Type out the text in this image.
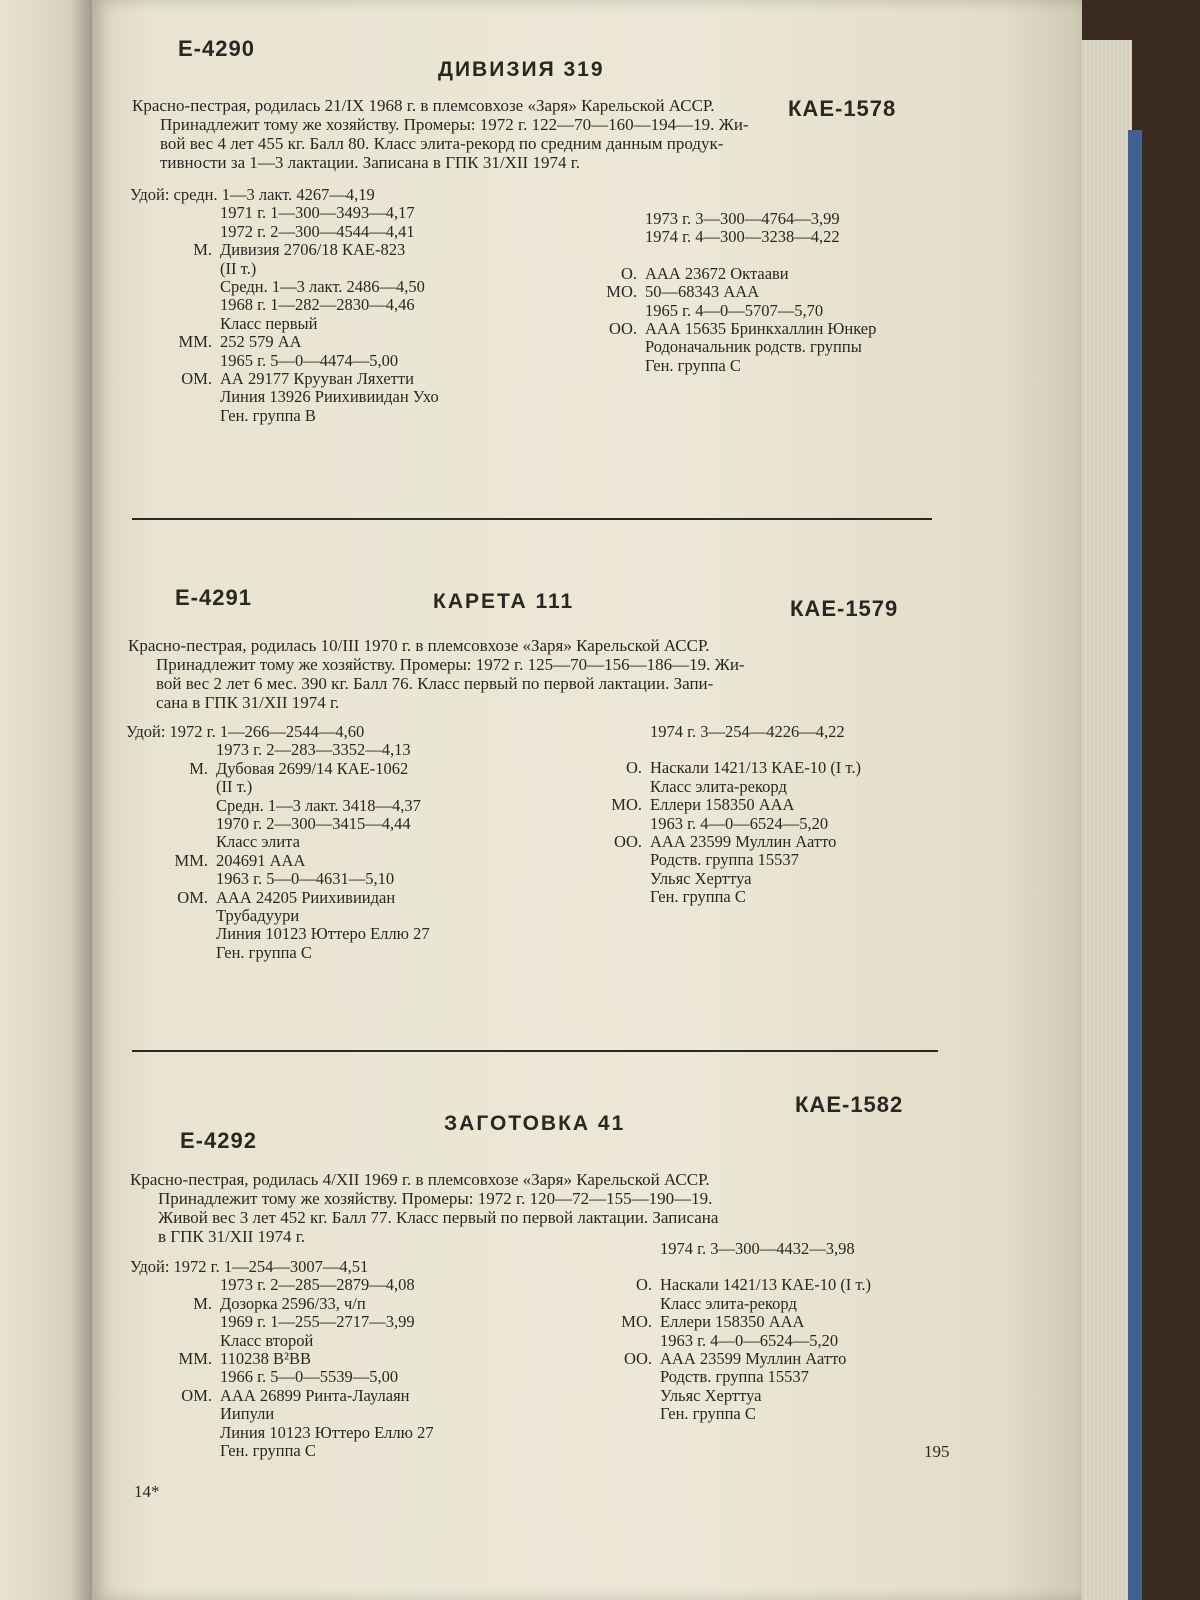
Е-4290
ДИВИЗИЯ 319
КАЕ-1578
Красно-пестрая, родилась 21/IX 1968 г. в племсовхозе «Заря» Карельской АССР.
Принадлежит тому же хозяйству. Промеры: 1972 г. 122—70—160—194—19. Жи-
вой вес 4 лет 455 кг. Балл 80. Класс элита-рекорд по средним данным продук-
тивности за 1—3 лактации. Записана в ГПК 31/XII 1974 г.
Удой: средн. 1—3 лакт. 4267—4,19
1971 г. 1—300—3493—4,17
1972 г. 2—300—4544—4,41
М. Дивизия 2706/18 КАЕ-823
(II т.)
Средн. 1—3 лакт. 2486—4,50
1968 г. 1—282—2830—4,46
Класс первый
ММ. 252 579 АА
1965 г. 5—0—4474—5,00
ОМ. АА 29177 Крууван Ляхетти
Линия 13926 Рииxивиидан Ухо
Ген. группа В
1973 г. 3—300—4764—3,99
1974 г. 4—300—3238—4,22
О. ААА 23672 Октаави
МО. 50—68343 ААА
1965 г. 4—0—5707—5,70
ОО. ААА 15635 Бринкхаллин Юнкер
Родоначальник родств. группы
Ген. группа С
Е-4291	КАРЕТА 111	КАЕ-1579
Красно-пестрая, родилась 10/III 1970 г. в племсовхозе «Заря» Карельской АССР.
Принадлежит тому же хозяйству. Промеры: 1972 г. 125—70—156—186—19. Жи-
вой вес 2 лет 6 мес. 390 кг. Балл 76. Класс первый по первой лактации. Запи-
сана в ГПК 31/XII 1974 г.
Удой: 1972 г. 1—266—2544—4,60
1973 г. 2—283—3352—4,13
М. Дубовая 2699/14 КАЕ-1062
(II т.)
Средн. 1—3 лакт. 3418—4,37
1970 г. 2—300—3415—4,44
Класс элита
ММ. 204691 ААА
1963 г. 5—0—4631—5,10
ОМ. ААА 24205 Рииxивиидан
Трубадуури
Линия 10123 Юттеро Еллю 27
Ген. группа С
1974 г. 3—254—4226—4,22
О. Наскали 1421/13 КАЕ-10 (I т.)
Класс элита-рекорд
МО. Еллери 158350 ААА
1963 г. 4—0—6524—5,20
ОО. ААА 23599 Муллин Аатто
Родств. группа 15537
Ульяс Херттуа
Ген. группа С
Е-4292
ЗАГОТОВКА 41
КАЕ-1582
Красно-пестрая, родилась 4/XII 1969 г. в племсовхозе «Заря» Карельской АССР.
Принадлежит тому же хозяйству. Промеры: 1972 г. 120—72—155—190—19.
Живой вес 3 лет 452 кг. Балл 77. Класс первый по первой лактации. Записана
в ГПК 31/XII 1974 г.
Удой: 1972 г. 1—254—3007—4,51
1973 г. 2—285—2879—4,08
М. Дозорка 2596/33, ч/п
1969 г. 1—255—2717—3,99
Класс второй
ММ. 110238 В²ВВ
1966 г. 5—0—5539—5,00
ОМ. ААА 26899 Ринта-Лаулаян
Иипули
Линия 10123 Юттеро Еллю 27
Ген. группа С
1974 г. 3—300—4432—3,98
О. Наскали 1421/13 КАЕ-10 (I т.)
Класс элита-рекорд
МО. Еллери 158350 ААА
1963 г. 4—0—6524—5,20
ОО. ААА 23599 Муллин Аатто
Родств. группа 15537
Ульяс Херттуа
Ген. группа С
195
14*
